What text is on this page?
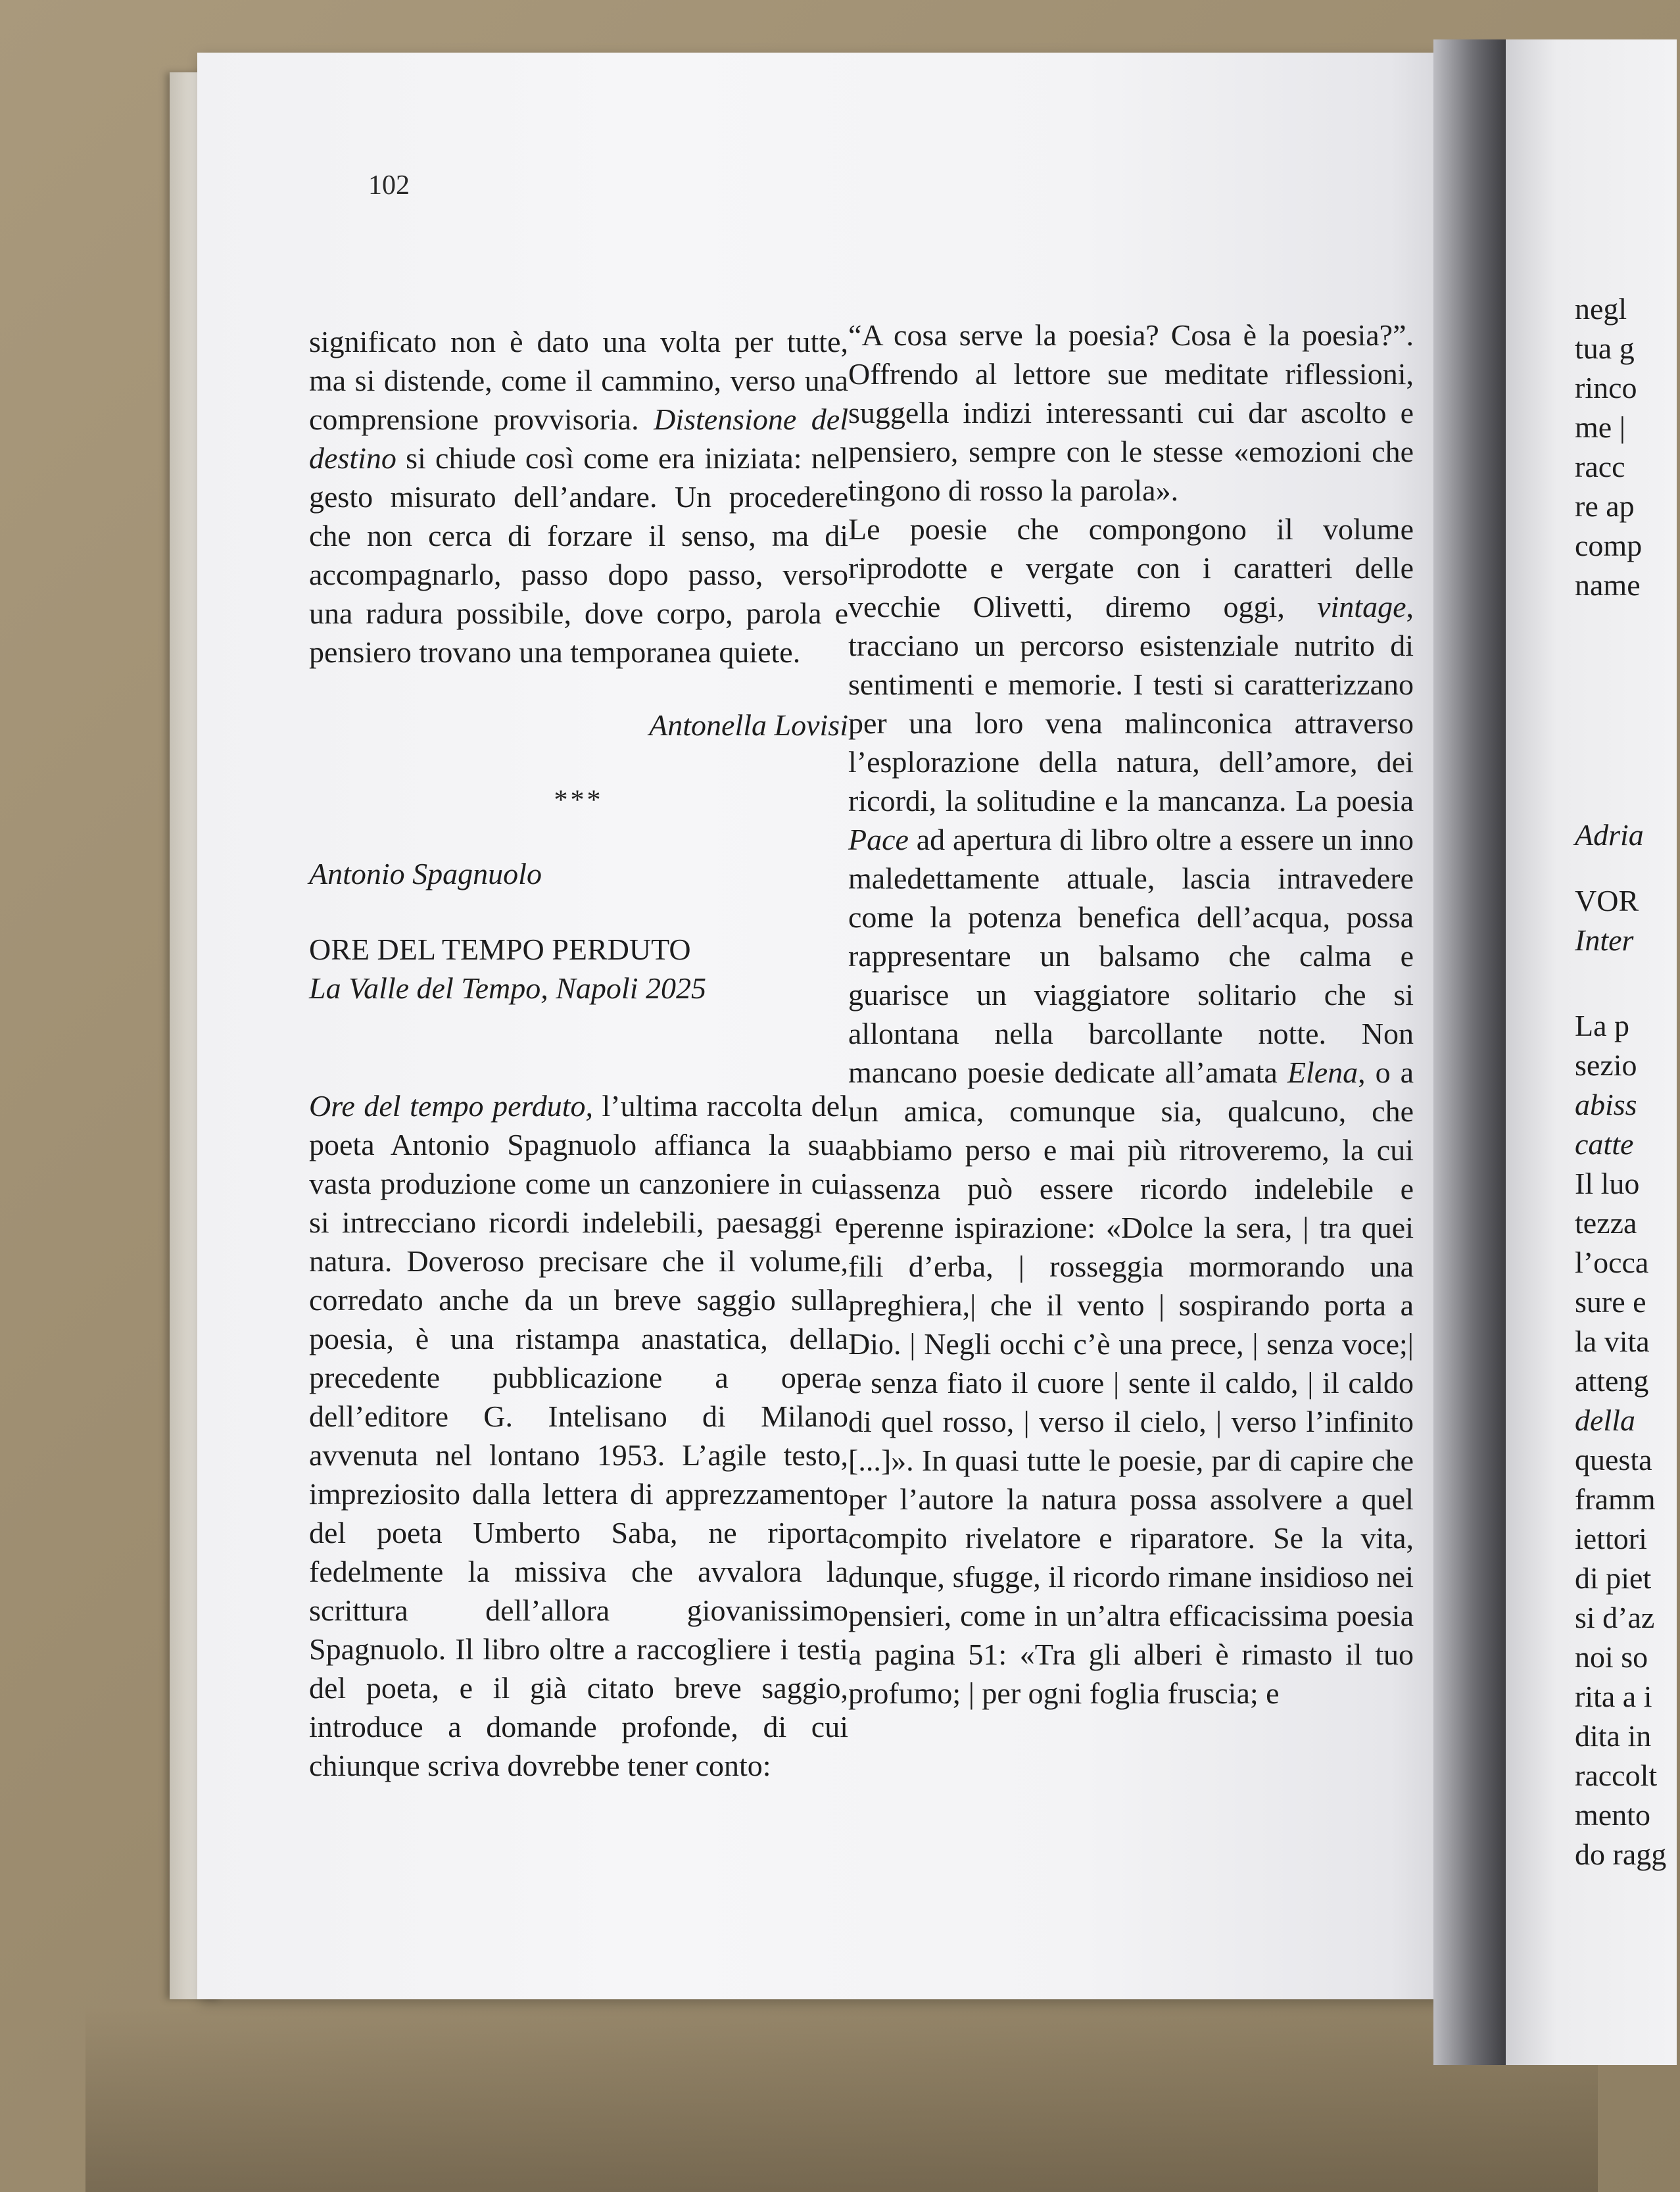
102

significato non è dato una volta per tutte, ma si distende, come il cammino, verso una comprensione provvisoria. Distensione del destino si chiude così come era iniziata: nel gesto misurato dell’andare. Un procedere che non cerca di forzare il senso, ma di accompagnarlo, passo dopo passo, verso una radura possibile, dove corpo, parola e pensiero trovano una temporanea quiete.

Antonella Lovisi

***

Antonio Spagnuolo

ORE DEL TEMPO PERDUTO

La Valle del Tempo, Napoli 2025

Ore del tempo perduto, l’ultima raccolta del poeta Antonio Spagnuolo affianca la sua vasta produzione come un canzoniere in cui si intrecciano ricordi indelebili, paesaggi e natura. Doveroso precisare che il volume, corredato anche da un breve saggio sulla poesia, è una ristampa anastatica, della precedente pubblicazione a opera dell’editore G. Intelisano di Milano avvenuta nel lontano 1953. L’agile testo, impreziosito dalla lettera di apprezzamento del poeta Umberto Saba, ne riporta fedelmente la missiva che avvalora la scrittura dell’allora giovanissimo Spagnuolo. Il libro oltre a raccogliere i testi del poeta, e il già citato breve saggio, introduce a domande profonde, di cui chiunque scriva dovrebbe tener conto:

“A cosa serve la poesia? Cosa è la poesia?”. Offrendo al lettore sue meditate riflessioni, suggella indizi interessanti cui dar ascolto e pensiero, sempre con le stesse «emozioni che tingono di rosso la parola».

Le poesie che compongono il volume riprodotte e vergate con i caratteri delle vecchie Olivetti, diremo oggi, vintage, tracciano un percorso esistenziale nutrito di sentimenti e memorie. I testi si caratterizzano per una loro vena malinconica attraverso l’esplorazione della natura, dell’amore, dei ricordi, la solitudine e la mancanza. La poesia Pace ad apertura di libro oltre a essere un inno maledettamente attuale, lascia intravedere come la potenza benefica dell’acqua, possa rappresentare un balsamo che calma e guarisce un viaggiatore solitario che si allontana nella barcollante notte. Non mancano poesie dedicate all’amata Elena, o a un amica, comunque sia, qualcuno, che abbiamo perso e mai più ritroveremo, la cui assenza può essere ricordo indelebile e perenne ispirazione: «Dolce la sera, | tra quei fili d’erba, | rosseggia mormorando una preghiera,| che il vento | sospirando porta a Dio. | Negli occhi c’è una prece, | senza voce;| e senza fiato il cuore | sente il caldo, | il caldo di quel rosso, | verso il cielo, | verso l’infinito [...]». In quasi tutte le poesie, par di capire che per l’autore la natura possa assolvere a quel compito rivelatore e riparatore. Se la vita, dunque, sfugge, il ricordo rimane insidioso nei pensieri, come in un’altra efficacissima poesia a pagina 51: «Tra gli alberi è rimasto il tuo profumo; | per ogni foglia fruscia; e

negl
tua g
rinco
me |
racc
re ap
comp
name
Adria
VOR
Inter
La p
sezio
abiss
catte
Il luo
tezza
l’occa
sure e
la vita
atteng
della
questa
framm
iettori
di piet
si d’az
noi so
rita a i
dita in
raccolt
mento
do ragg
